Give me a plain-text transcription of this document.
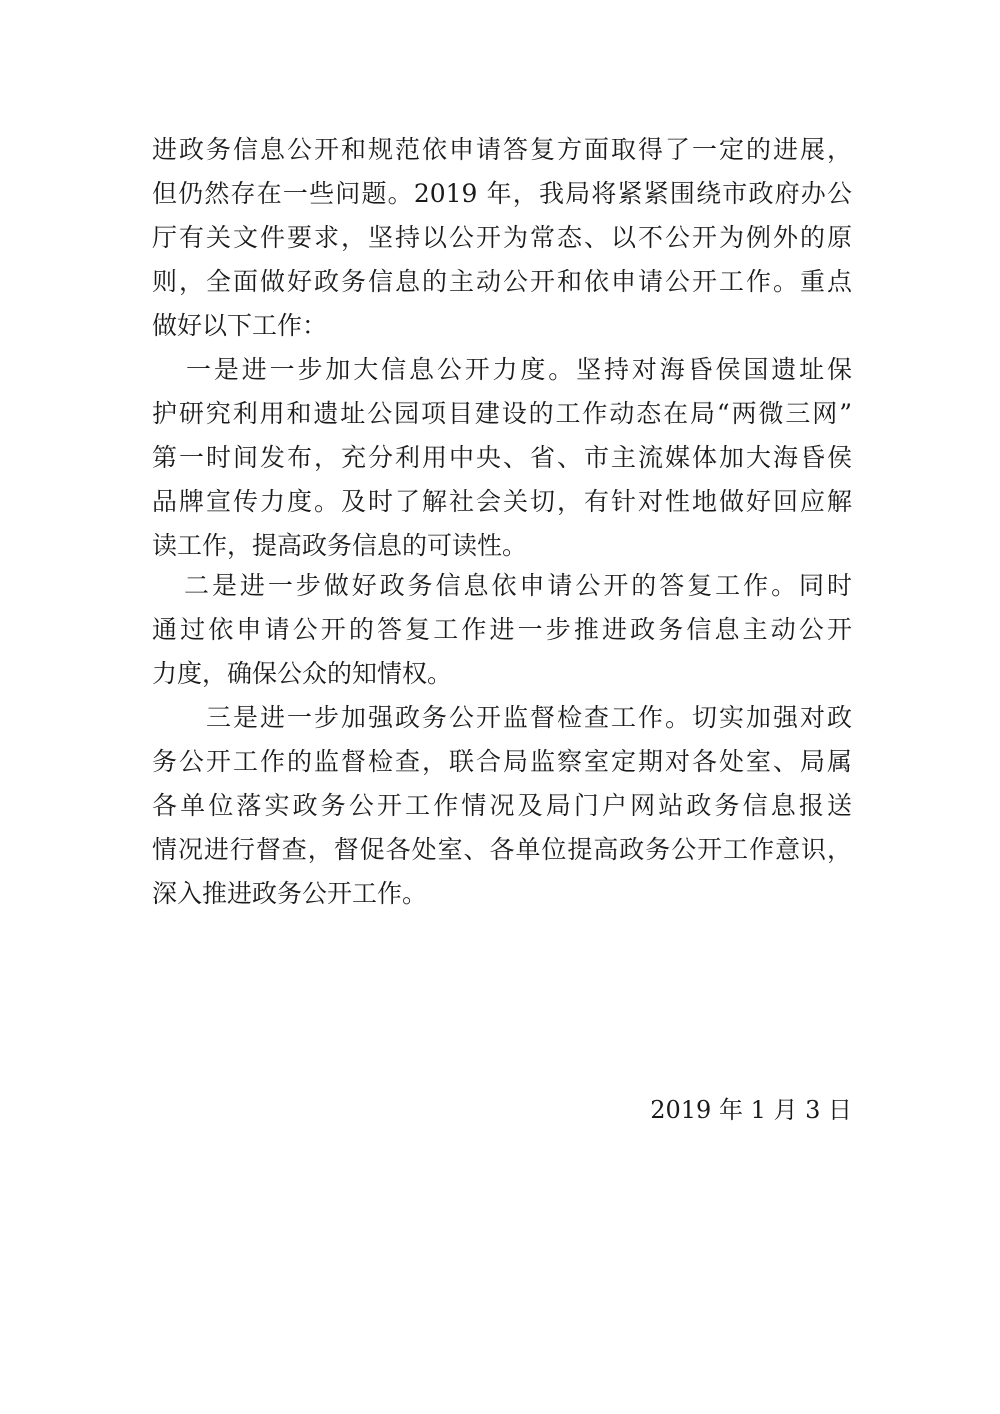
进政务信息公开和规范依申请答复方面取得了一定的进展，
但仍然存在一些问题。2019 年，我局将紧紧围绕市政府办公
厅有关文件要求，坚持以公开为常态、以不公开为例外的原
则，全面做好政务信息的主动公开和依申请公开工作。重点
做好以下工作：
一是进一步加大信息公开力度。坚持对海昏侯国遗址保
护研究利用和遗址公园项目建设的工作动态在局“两微三网”
第一时间发布，充分利用中央、省、市主流媒体加大海昏侯
品牌宣传力度。及时了解社会关切，有针对性地做好回应解
读工作，提高政务信息的可读性。
二是进一步做好政务信息依申请公开的答复工作。同时
通过依申请公开的答复工作进一步推进政务信息主动公开
力度，确保公众的知情权。
三是进一步加强政务公开监督检查工作。切实加强对政
务公开工作的监督检查，联合局监察室定期对各处室、局属
各单位落实政务公开工作情况及局门户网站政务信息报送
情况进行督查，督促各处室、各单位提高政务公开工作意识，
深入推进政务公开工作。
2019 年 1 月 3 日
